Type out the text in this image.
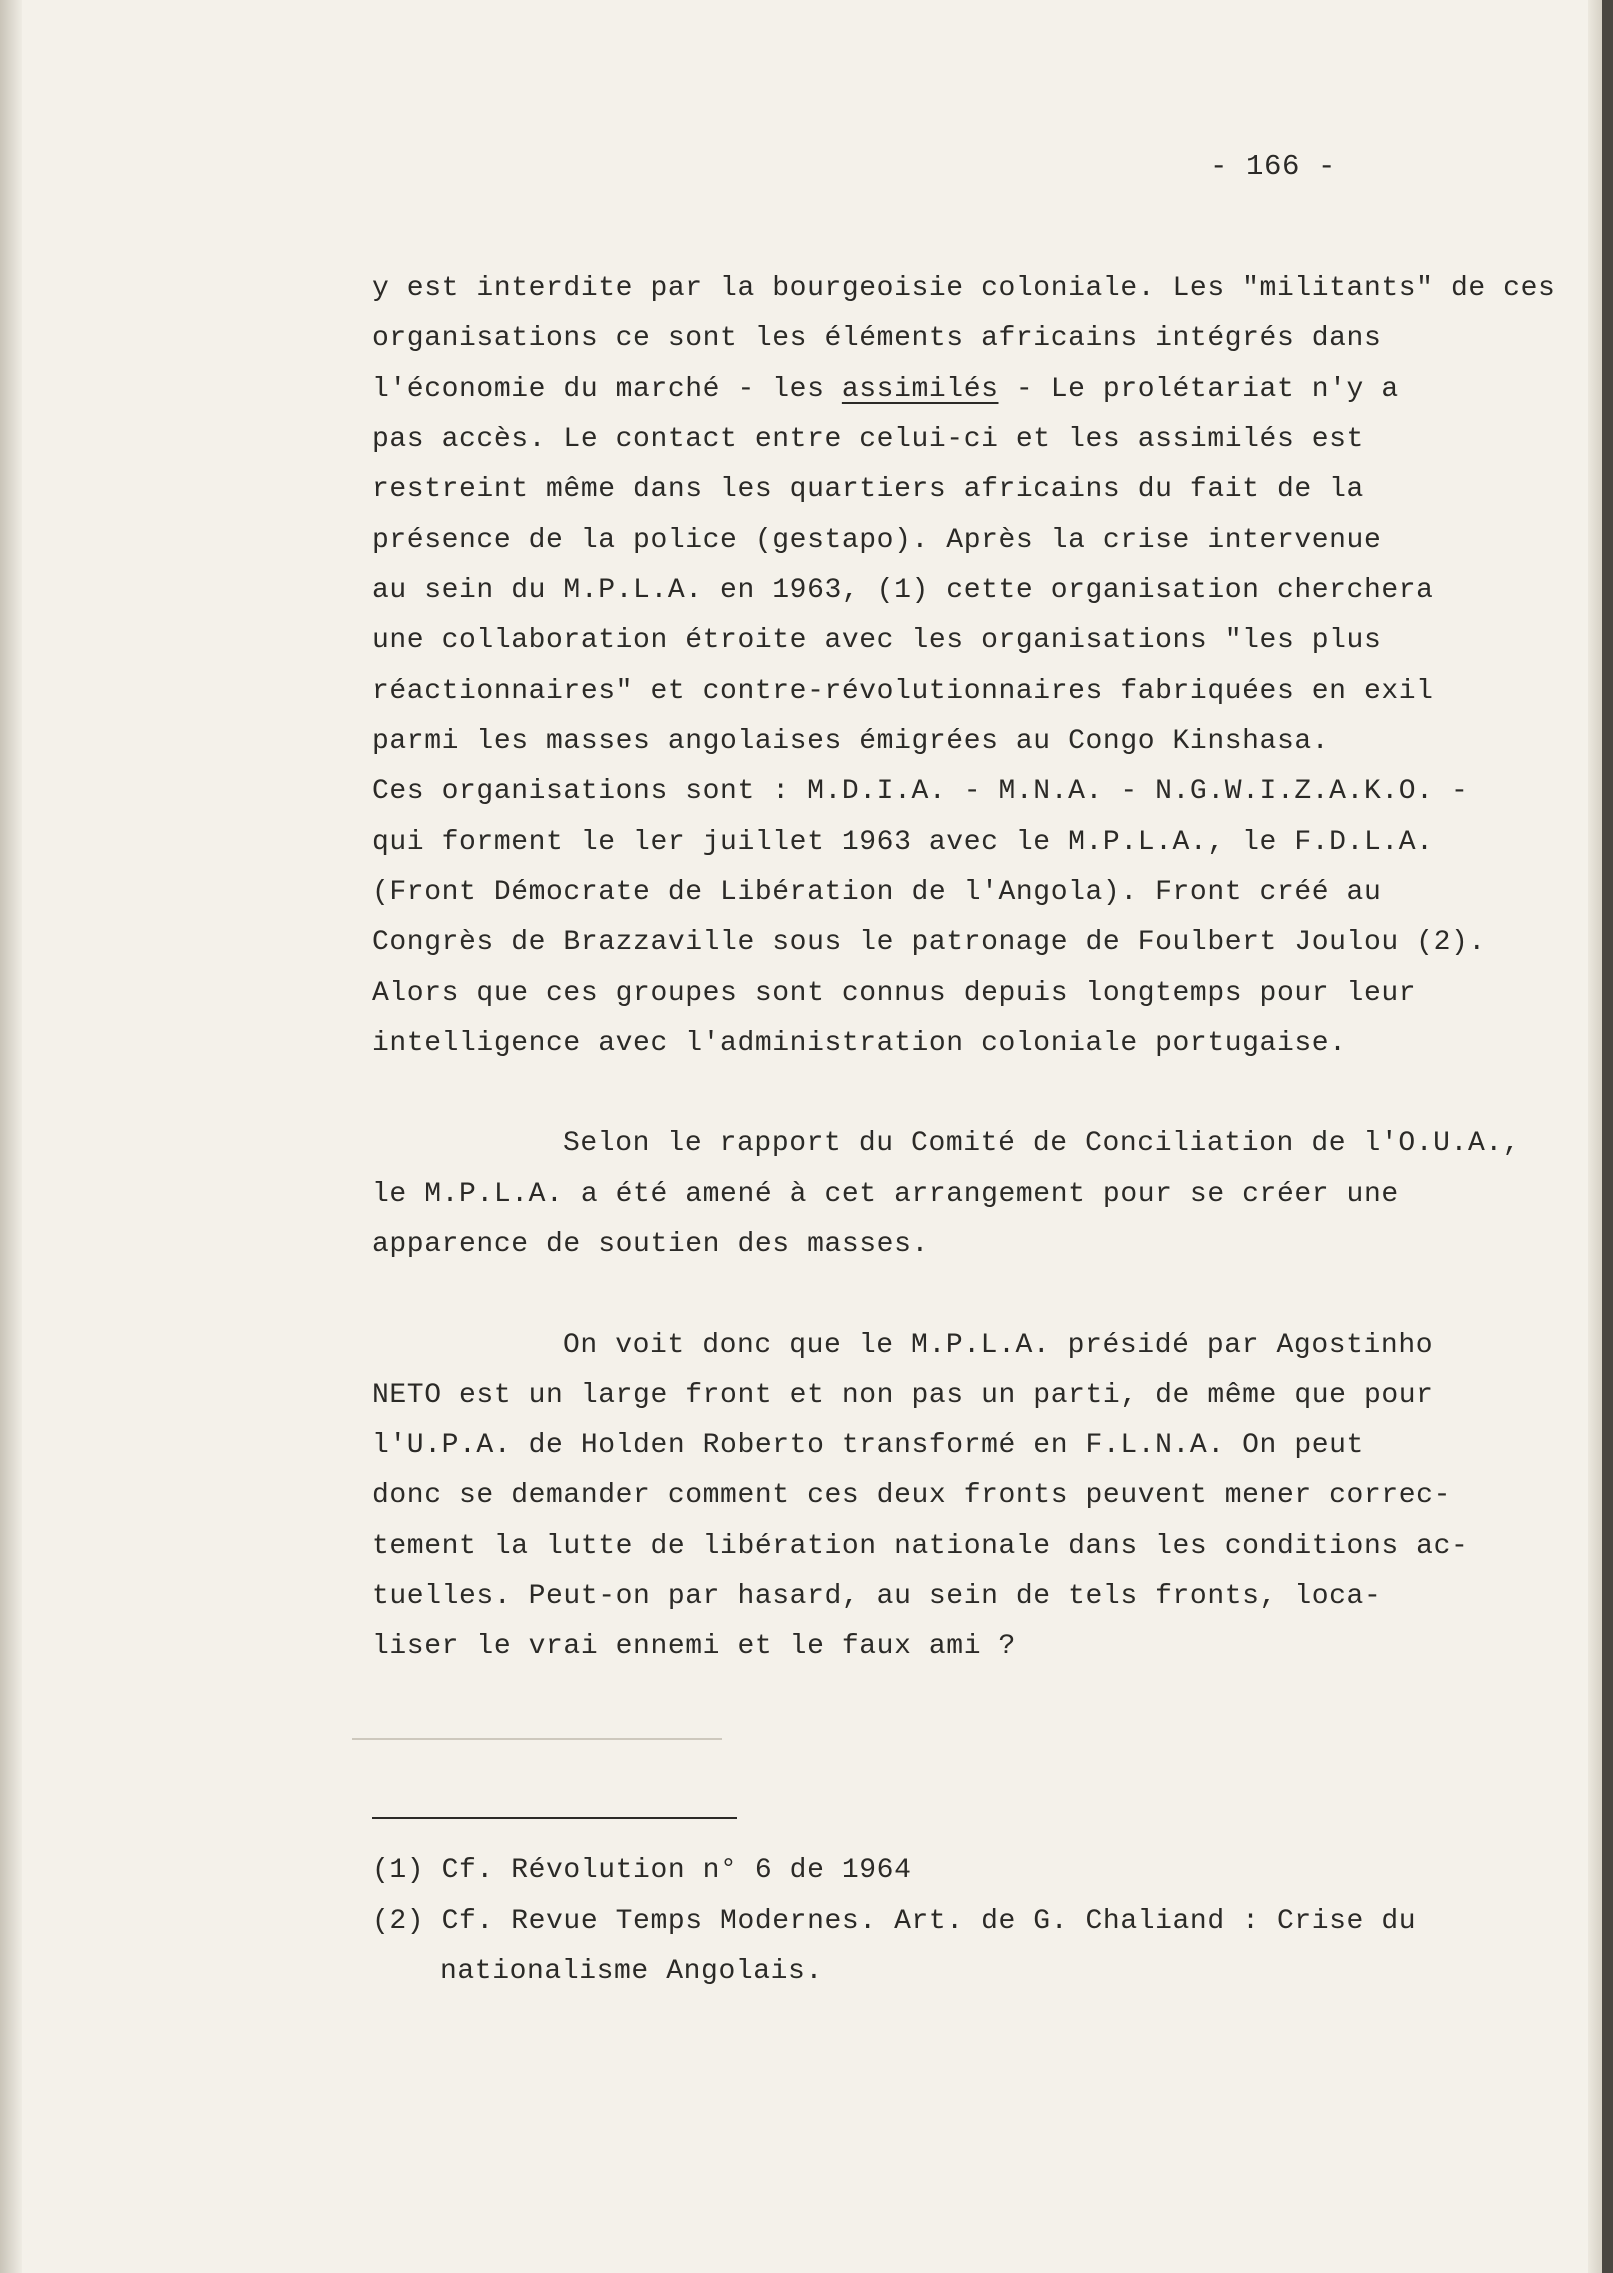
- 166 -
y est interdite par la bourgeoisie coloniale. Les "militants" de ces
organisations ce sont les éléments africains intégrés dans
l'économie du marché - les assimilés - Le prolétariat n'y a
pas accès. Le contact entre celui-ci et les assimilés est
restreint même dans les quartiers africains du fait de la
présence de la police (gestapo). Après la crise intervenue
au sein du M.P.L.A. en 1963, (1) cette organisation cherchera
une collaboration étroite avec les organisations "les plus
réactionnaires" et contre-révolutionnaires fabriquées en exil
parmi les masses angolaises émigrées au Congo Kinshasa.
Ces organisations sont : M.D.I.A. - M.N.A. - N.G.W.I.Z.A.K.O. -
qui forment le ler juillet 1963 avec le M.P.L.A., le F.D.L.A.
(Front Démocrate de Libération de l'Angola). Front créé au
Congrès de Brazzaville sous le patronage de Foulbert Joulou (2).
Alors que ces groupes sont connus depuis longtemps pour leur
intelligence avec l'administration coloniale portugaise.
Selon le rapport du Comité de Conciliation de l'O.U.A.,
le M.P.L.A. a été amené à cet arrangement pour se créer une
apparence de soutien des masses.
On voit donc que le M.P.L.A. présidé par Agostinho
NETO est un large front et non pas un parti, de même que pour
l'U.P.A. de Holden Roberto transformé en F.L.N.A. On peut
donc se demander comment ces deux fronts peuvent mener correc-
tement la lutte de libération nationale dans les conditions ac-
tuelles. Peut-on par hasard, au sein de tels fronts, loca-
liser le vrai ennemi et le faux ami ?
(1) Cf. Révolution n° 6 de 1964
(2) Cf. Revue Temps Modernes. Art. de G. Chaliand : Crise du
nationalisme Angolais.
